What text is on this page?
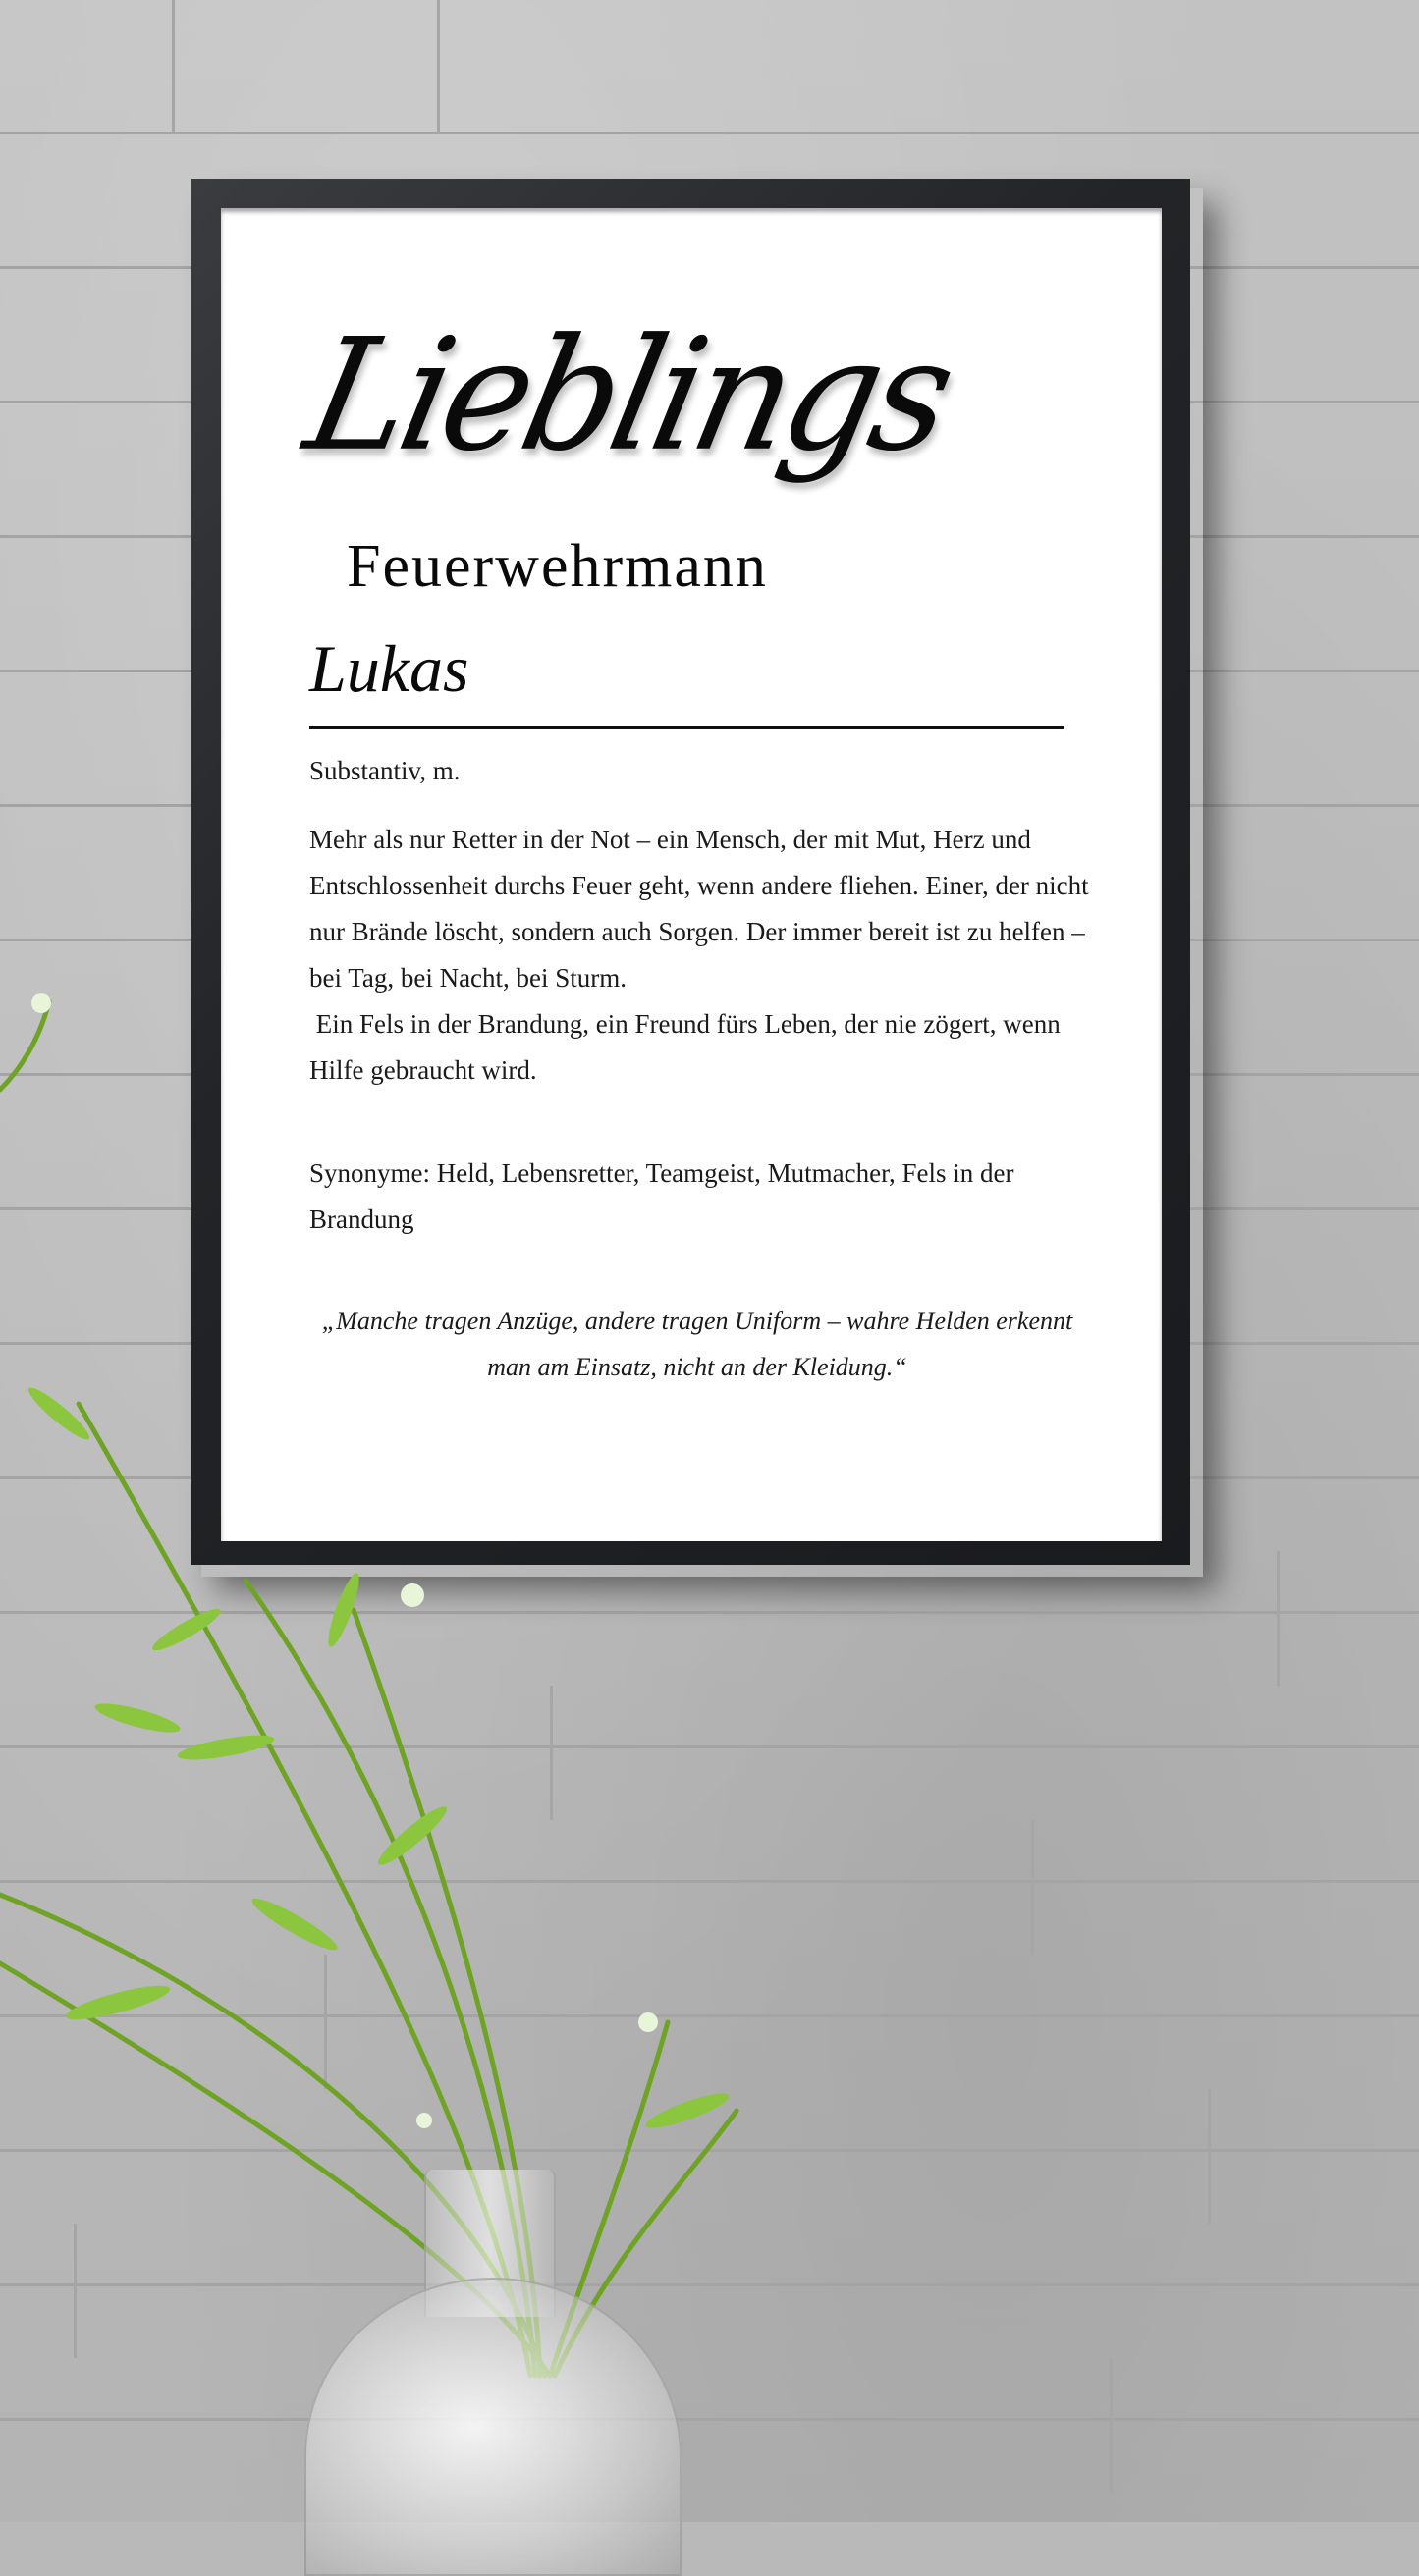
Lieblings
Feuerwehrmann
Lukas
Substantiv, m.

Mehr als nur Retter in der Not – ein Mensch, der mit Mut, Herz und Entschlossenheit durchs Feuer geht, wenn andere fliehen. Einer, der nicht nur Brände löscht, sondern auch Sorgen. Der immer bereit ist zu helfen – bei Tag, bei Nacht, bei Sturm.

Ein Fels in der Brandung, ein Freund fürs Leben, der nie zögert, wenn Hilfe gebraucht wird.

Synonyme: Held, Lebensretter, Teamgeist, Mutmacher, Fels in der Brandung
„Manche tragen Anzüge, andere tragen Uniform – wahre Helden erkennt man am Einsatz, nicht an der Kleidung.“
